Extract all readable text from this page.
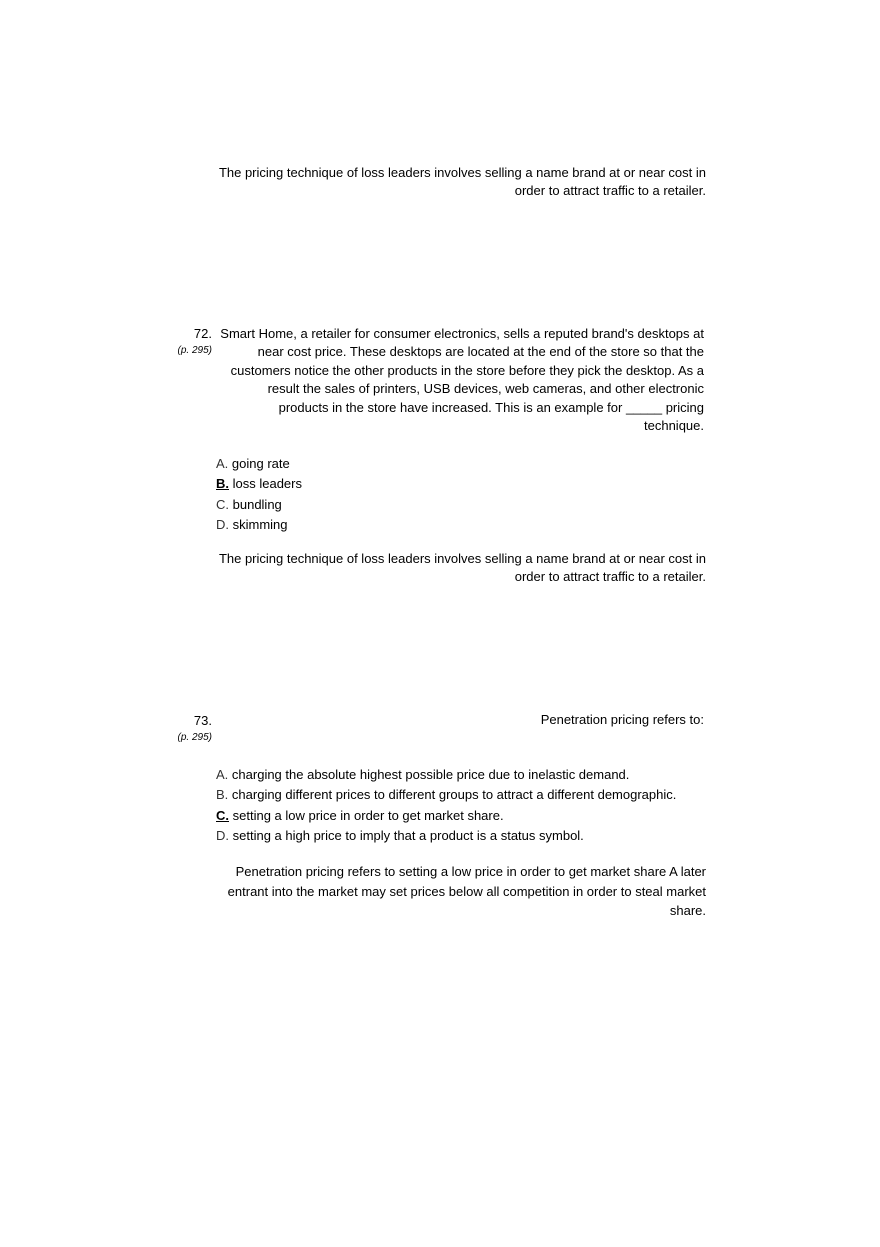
The pricing technique of loss leaders involves selling a name brand at or near cost in order to attract traffic to a retailer.
72.
(p. 295)
Smart Home, a retailer for consumer electronics, sells a reputed brand's desktops at near cost price. These desktops are located at the end of the store so that the customers notice the other products in the store before they pick the desktop. As a result the sales of printers, USB devices, web cameras, and other electronic products in the store have increased. This is an example for _____ pricing technique.
A. going rate
B. loss leaders
C. bundling
D. skimming
The pricing technique of loss leaders involves selling a name brand at or near cost in order to attract traffic to a retailer.
73.
(p. 295)
Penetration pricing refers to:
A. charging the absolute highest possible price due to inelastic demand.
B. charging different prices to different groups to attract a different demographic.
C. setting a low price in order to get market share.
D. setting a high price to imply that a product is a status symbol.
Penetration pricing refers to setting a low price in order to get market share A later entrant into the market may set prices below all competition in order to steal market share.
